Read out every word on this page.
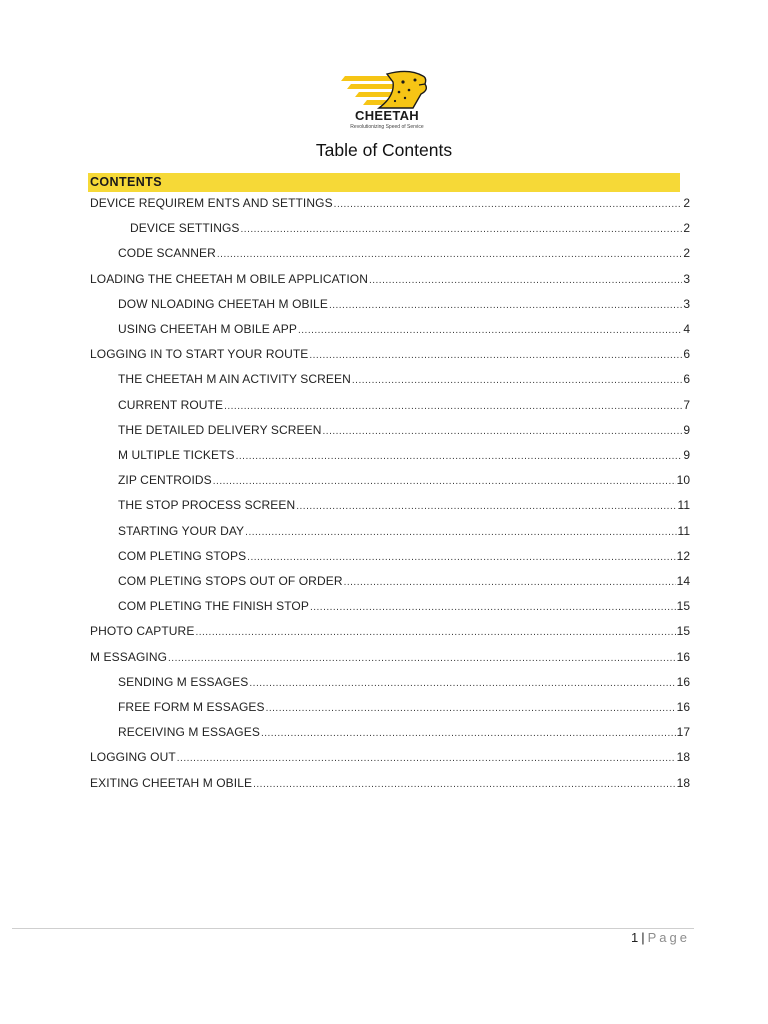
CHEETAH
Revolutionizing Speed of Service
Table of Contents
CONTENTS
DEVICE REQUIREM ENTS AND SETTINGS .....	2
DEVICE SETTINGS .....	2
CODE SCANNER .....	2
LOADING THE CHEETAH M OBILE APPLICATION .....	3
DOW NLOADING CHEETAH M OBILE .....	3
USING CHEETAH M OBILE APP .....	4
LOGGING IN TO START YOUR ROUTE .....	6
THE CHEETAH M AIN ACTIVITY SCREEN .....	6
CURRENT ROUTE .....	7
THE DETAILED DELIVERY SCREEN .....	9
M ULTIPLE TICKETS .....	9
ZIP CENTROIDS .....	10
THE STOP PROCESS SCREEN .....	11
STARTING YOUR DAY .....	11
COM PLETING STOPS .....	12
COM PLETING STOPS OUT OF ORDER .....	14
COM PLETING THE FINISH STOP .....	15
PHOTO CAPTURE .....	15
M ESSAGING .....	16
SENDING M ESSAGES .....	16
FREE FORM M ESSAGES .....	16
RECEIVING M ESSAGES .....	17
LOGGING OUT .....	18
EXITING CHEETAH M OBILE .....	18
1 | Page
